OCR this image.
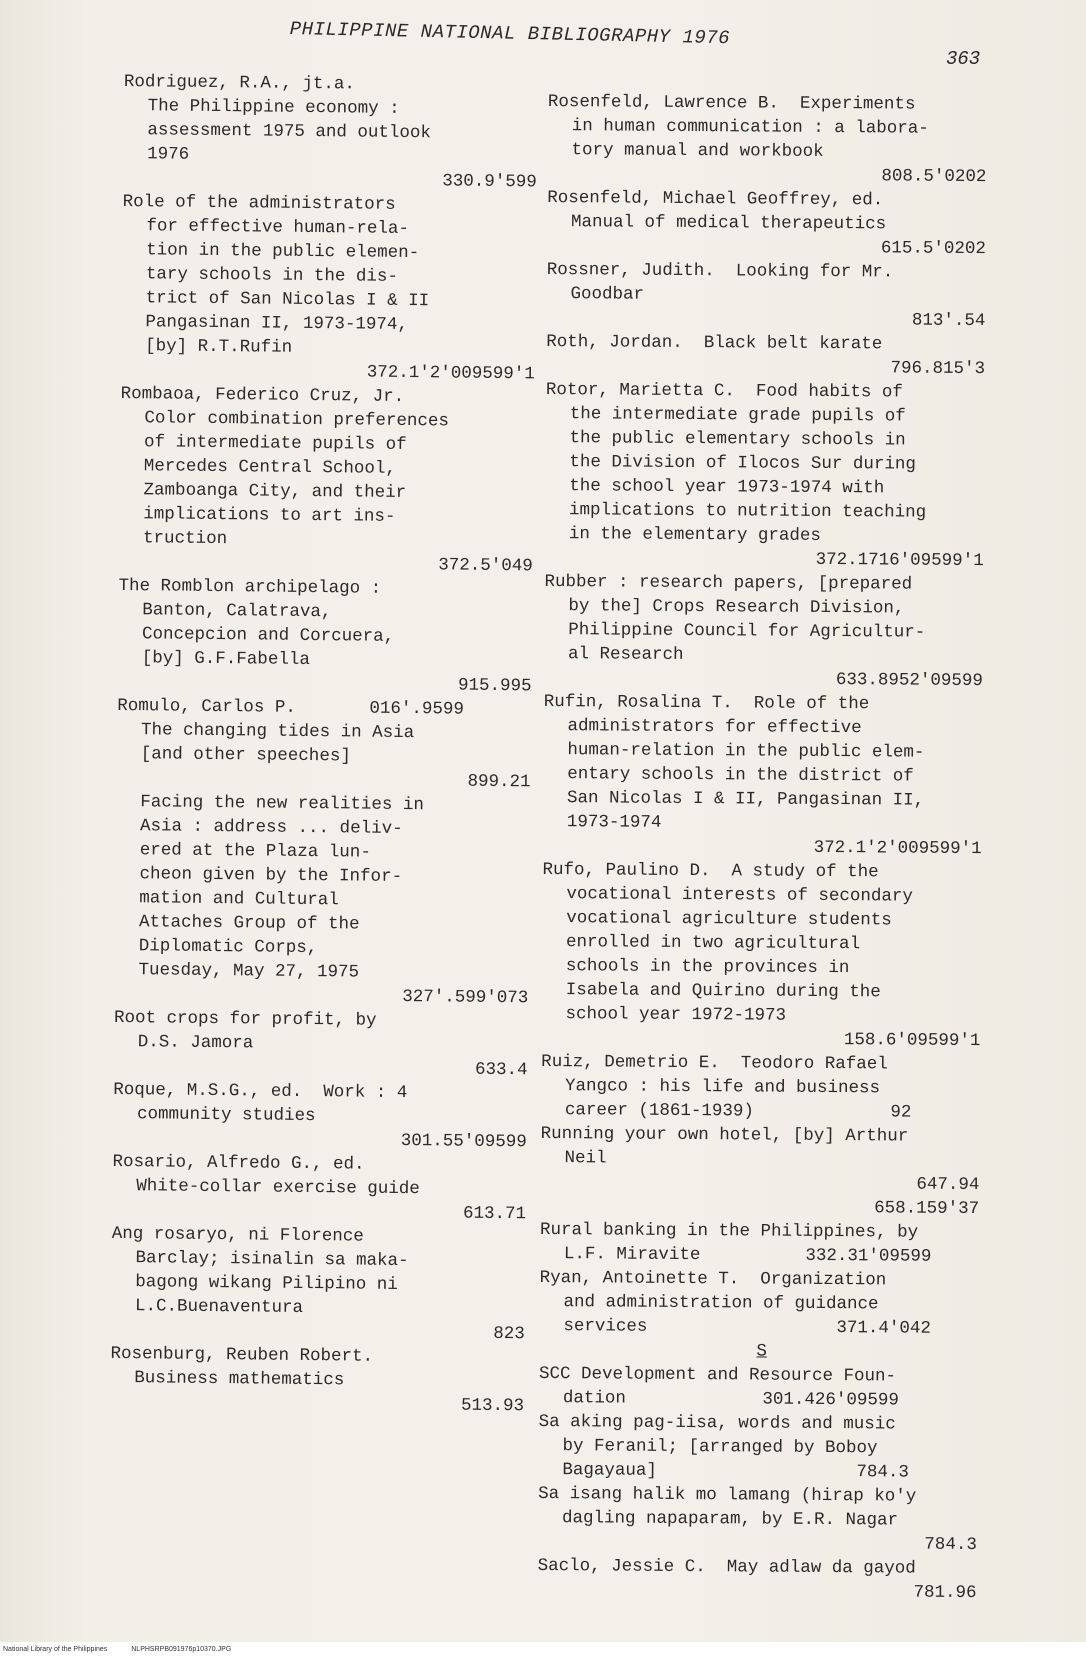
PHILIPPINE NATIONAL BIBLIOGRAPHY 1976
363
Rodriguez, R.A., jt.a.
The Philippine economy :
assessment 1975 and outlook
1976
330.9'599
Role of the administrators
for effective human-rela-
tion in the public elemen-
tary schools in the dis-
trict of San Nicolas I & II
Pangasinan II, 1973-1974,
[by] R.T.Rufin
372.1'2'009599'1
Rombaoa, Federico Cruz, Jr.
Color combination preferences
of intermediate pupils of
Mercedes Central School,
Zamboanga City, and their
implications to art ins-
truction
372.5'049
The Romblon archipelago :
Banton, Calatrava,
Concepcion and Corcuera,
[by] G.F.Fabella
915.995
Romulo, Carlos P.       016'.9599
The changing tides in Asia
[and other speeches]
899.21
Facing the new realities in
Asia : address ... deliv-
ered at the Plaza lun-
cheon given by the Infor-
mation and Cultural
Attaches Group of the
Diplomatic Corps,
Tuesday, May 27, 1975
327'.599'073
Root crops for profit, by
D.S. Jamora
633.4
Roque, M.S.G., ed.  Work : 4
community studies
301.55'09599
Rosario, Alfredo G., ed.
White-collar exercise guide
613.71
Ang rosaryo, ni Florence
Barclay; isinalin sa maka-
bagong wikang Pilipino ni
L.C.Buenaventura
823
Rosenburg, Reuben Robert.
Business mathematics
513.93
Rosenfeld, Lawrence B.  Experiments
in human communication : a labora-
tory manual and workbook
808.5'0202
Rosenfeld, Michael Geoffrey, ed.
Manual of medical therapeutics
615.5'0202
Rossner, Judith.  Looking for Mr.
Goodbar
813'.54
Roth, Jordan.  Black belt karate
796.815'3
Rotor, Marietta C.  Food habits of
the intermediate grade pupils of
the public elementary schools in
the Division of Ilocos Sur during
the school year 1973-1974 with
implications to nutrition teaching
in the elementary grades
372.1716'09599'1
Rubber : research papers, [prepared
by the] Crops Research Division,
Philippine Council for Agricultur-
al Research
633.8952'09599
Rufin, Rosalina T.  Role of the
administrators for effective
human-relation in the public elem-
entary schools in the district of
San Nicolas I & II, Pangasinan II,
1973-1974
372.1'2'009599'1
Rufo, Paulino D.  A study of the
vocational interests of secondary
vocational agriculture students
enrolled in two agricultural
schools in the provinces in
Isabela and Quirino during the
school year 1972-1973
158.6'09599'1
Ruiz, Demetrio E.  Teodoro Rafael
Yangco : his life and business
career (1861-1939)             92
Running your own hotel, [by] Arthur
Neil
647.94
658.159'37
Rural banking in the Philippines, by
L.F. Miravite          332.31'09599
Ryan, Antoinette T.  Organization
and administration of guidance
services                  371.4'042
S
SCC Development and Resource Foun-
dation             301.426'09599
Sa aking pag-iisa, words and music
by Feranil; [arranged by Boboy
Bagayaua]                   784.3
Sa isang halik mo lamang (hirap ko'y
dagling napaparam, by E.R. Nagar
784.3
Saclo, Jessie C.  May adlaw da gayod
781.96
National Library of the Philippines	NLPHSRPB091976p10370.JPG
